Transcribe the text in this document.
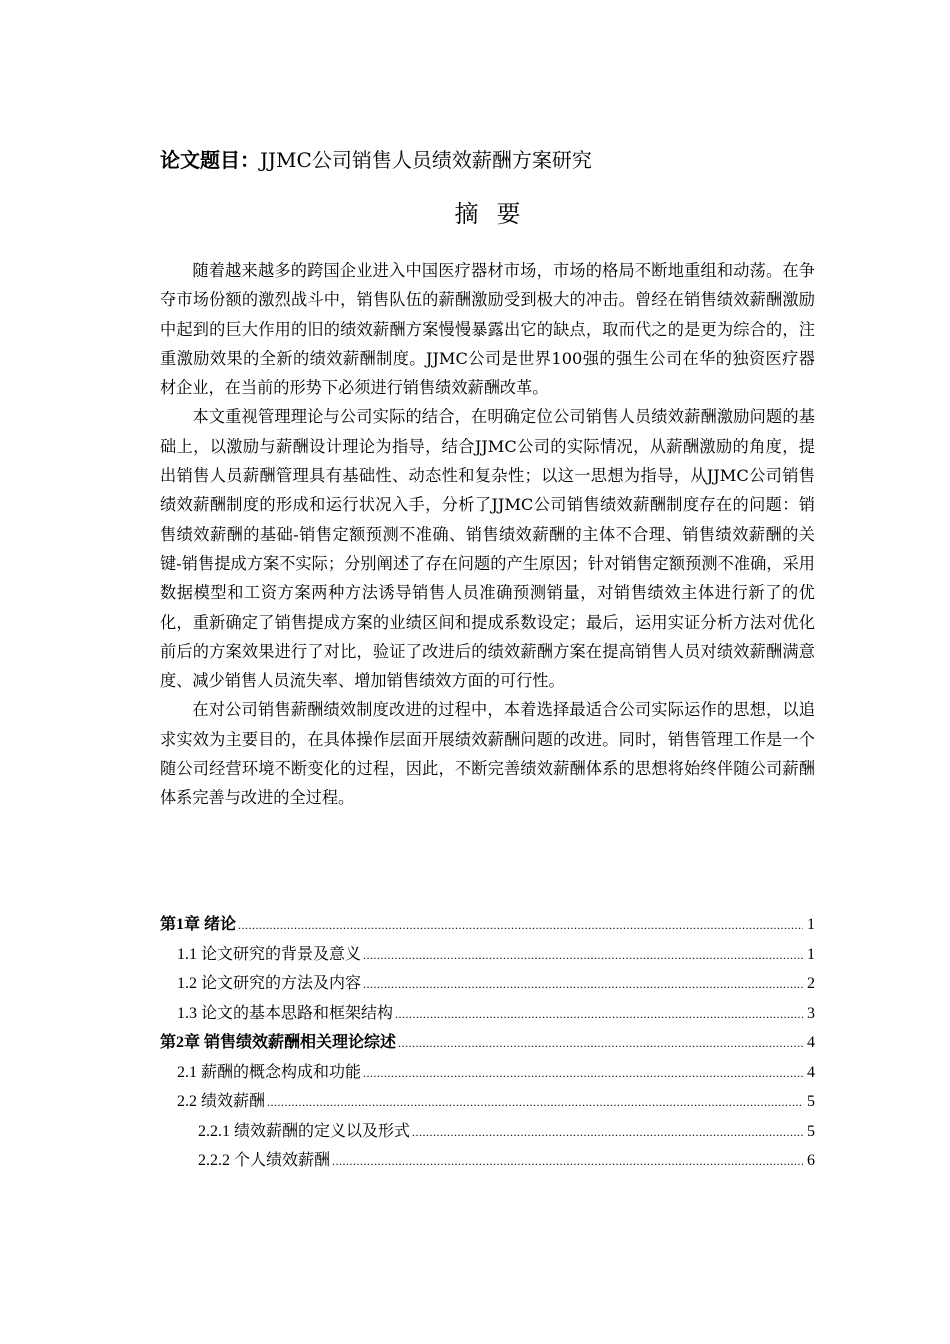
论文题目：JJMC公司销售人员绩效薪酬方案研究
摘要

随着越来越多的跨国企业进入中国医疗器材市场，市场的格局不断地重组和动荡。在争夺市场份额的激烈战斗中，销售队伍的薪酬激励受到极大的冲击。曾经在销售绩效薪酬激励中起到的巨大作用的旧的绩效薪酬方案慢慢暴露出它的缺点，取而代之的是更为综合的，注重激励效果的全新的绩效薪酬制度。JJMC公司是世界100强的强生公司在华的独资医疗器材企业，在当前的形势下必须进行销售绩效薪酬改革。

本文重视管理理论与公司实际的结合，在明确定位公司销售人员绩效薪酬激励问题的基础上，以激励与薪酬设计理论为指导，结合JJMC公司的实际情况，从薪酬激励的角度，提出销售人员薪酬管理具有基础性、动态性和复杂性；以这一思想为指导，从JJMC公司销售绩效薪酬制度的形成和运行状况入手，分析了JJMC公司销售绩效薪酬制度存在的问题：销售绩效薪酬的基础-销售定额预测不准确、销售绩效薪酬的主体不合理、销售绩效薪酬的关键-销售提成方案不实际；分别阐述了存在问题的产生原因；针对销售定额预测不准确，采用数据模型和工资方案两种方法诱导销售人员准确预测销量，对销售绩效主体进行新了的优化，重新确定了销售提成方案的业绩区间和提成系数设定；最后，运用实证分析方法对优化前后的方案效果进行了对比，验证了改进后的绩效薪酬方案在提高销售人员对绩效薪酬满意度、减少销售人员流失率、增加销售绩效方面的可行性。

在对公司销售薪酬绩效制度改进的过程中，本着选择最适合公司实际运作的思想，以追求实效为主要目的，在具体操作层面开展绩效薪酬问题的改进。同时，销售管理工作是一个随公司经营环境不断变化的过程，因此，不断完善绩效薪酬体系的思想将始终伴随公司薪酬体系完善与改进的全过程。

第1章 绪论 .....	1
1.1 论文研究的背景及意义 .....	1
1.2 论文研究的方法及内容 .....	2
1.3 论文的基本思路和框架结构 .....	3
第2章 销售绩效薪酬相关理论综述 .....	4
2.1 薪酬的概念构成和功能 .....	4
2.2 绩效薪酬 .....	5
2.2.1 绩效薪酬的定义以及形式 .....	5
2.2.2 个人绩效薪酬 .....	6
